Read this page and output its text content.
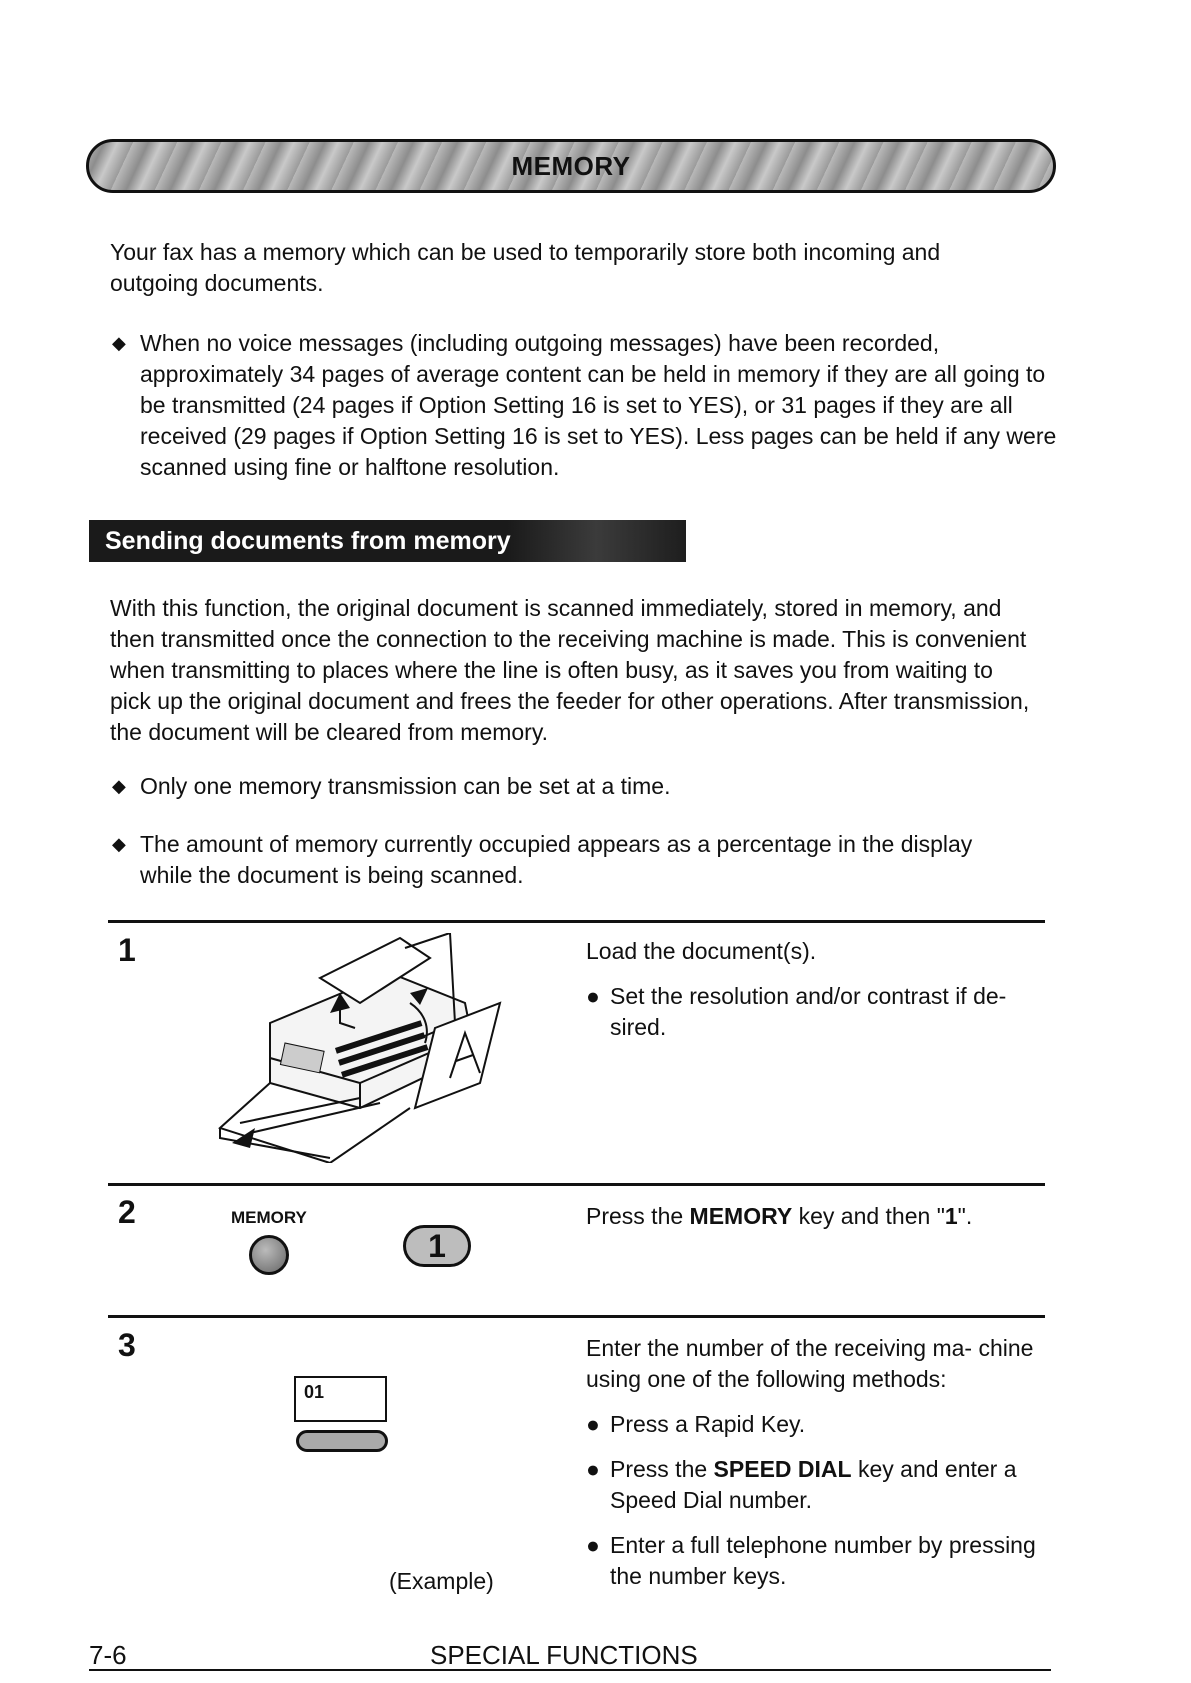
MEMORY

Your fax has a memory which can be used to temporarily store both incoming and outgoing documents.

◆ When no voice messages (including outgoing messages) have been recorded, approximately 34 pages of average content can be held in memory if they are all going to be transmitted (24 pages if Option Setting 16 is set to YES), or 31 pages if they are all received (29 pages if Option Setting 16 is set to YES). Less pages can be held if any were scanned using fine or halftone resolution.
Sending documents from memory

With this function, the original document is scanned immediately, stored in memory, and then transmitted once the connection to the receiving machine is made. This is convenient when transmitting to places where the line is often busy, as it saves you from waiting to pick up the original document and frees the feeder for other operations. After transmission, the document will be cleared from memory.

◆ Only one memory transmission can be set at a time.
◆ The amount of memory currently occupied appears as a percentage in the display while the document is being scanned.
1	Load the document(s).

● Set the resolution and/or contrast if de- sired.
2	MEMORY
1

Press the MEMORY key and then "1".

3
01
(Example)

Enter the number of the receiving ma- chine using one of the following methods:

● Press a Rapid Key.
● Press the SPEED DIAL key and enter a Speed Dial number.
● Enter a full telephone number by pressing the number keys.
7-6	SPECIAL FUNCTIONS
